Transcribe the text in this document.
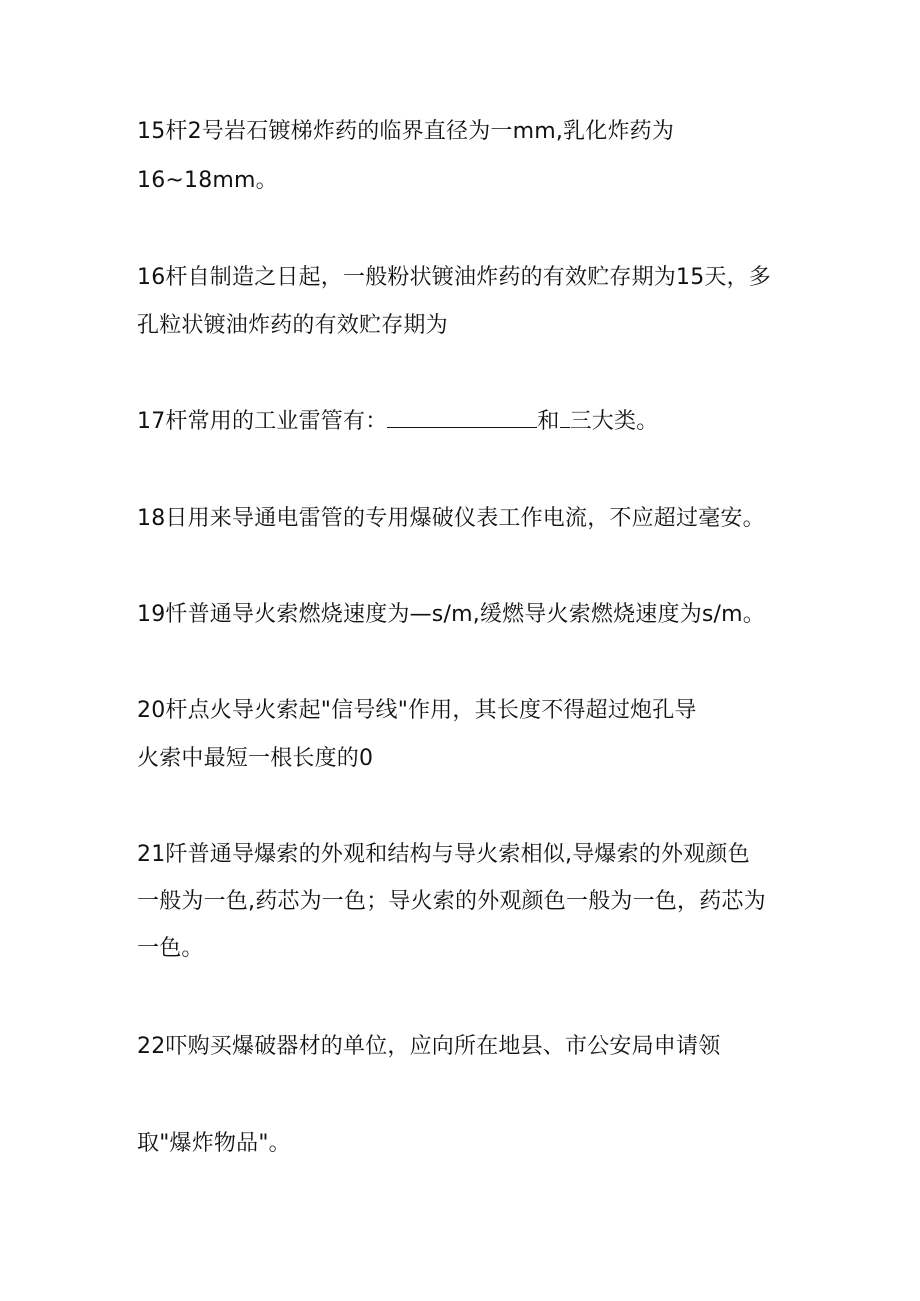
15杆2号岩石镀梯炸药的临界直径为一mm,乳化炸药为

16~18mm。

16杆自制造之日起，一般粉状镀油炸药的有效贮存期为15天，多

孔粒状镀油炸药的有效贮存期为

17杆常用的工业雷管有：	和 三大类。

18日用来导通电雷管的专用爆破仪表工作电流，不应超过毫安。

19忏普通导火索燃烧速度为—s/m,缓燃导火索燃烧速度为s/m。

20杆点火导火索起"信号线"作用，其长度不得超过炮孔导

火索中最短一根长度的0

21阡普通导爆索的外观和结构与导火索相似,导爆索的外观颜色

一般为一色,药芯为一色；导火索的外观颜色一般为一色，药芯为

一色。

22吓购买爆破器材的单位，应向所在地县、市公安局申请领

取"爆炸物品"。
